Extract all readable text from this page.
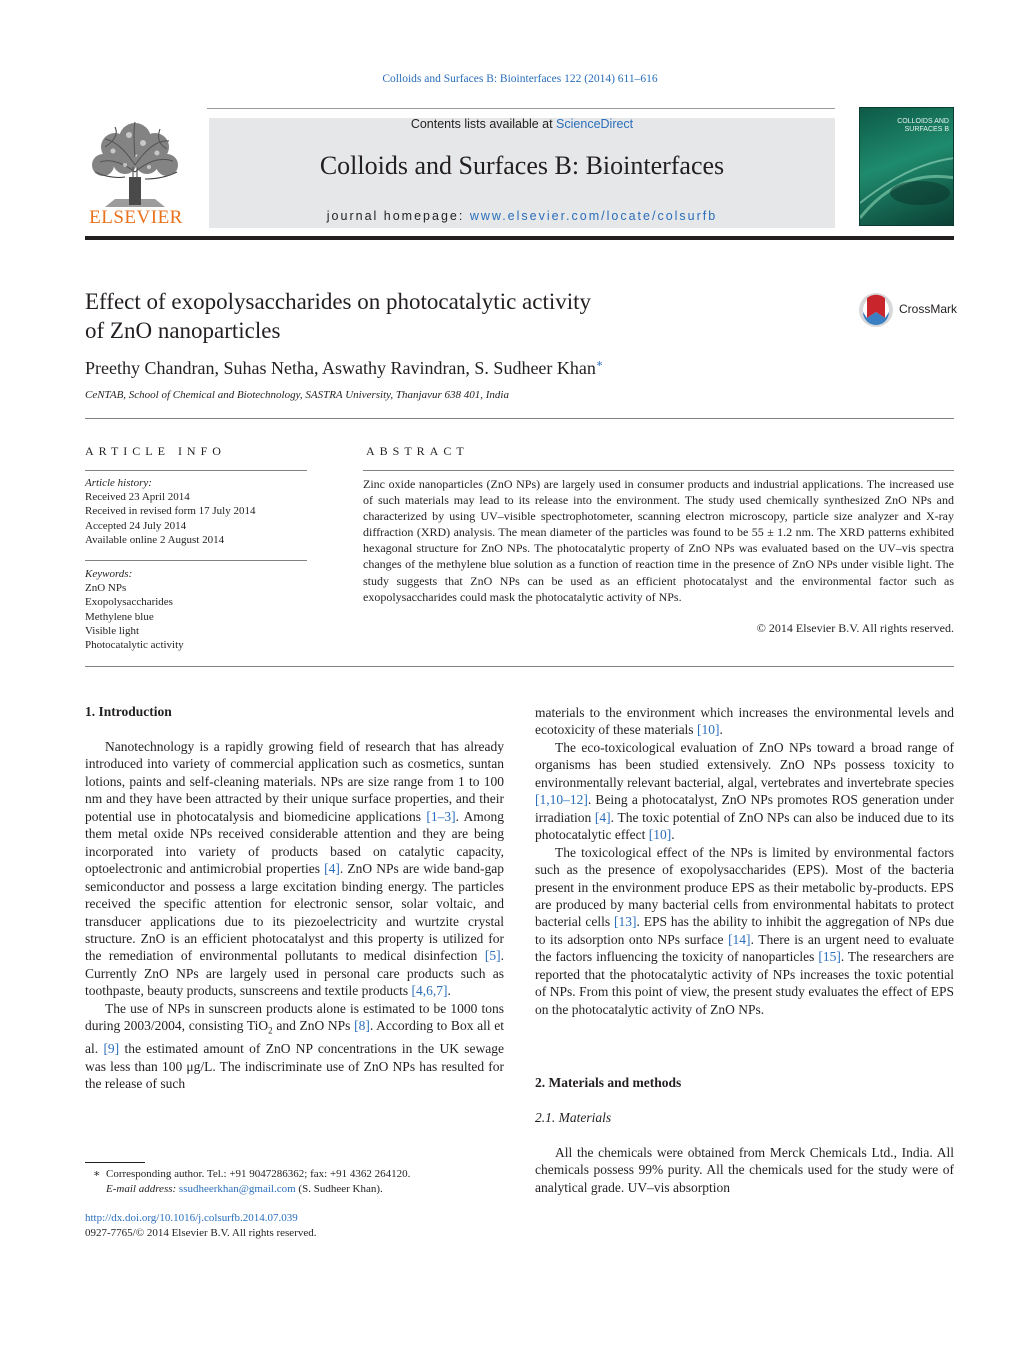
Colloids and Surfaces B: Biointerfaces 122 (2014) 611–616
ELSEVIER
Contents lists available at ScienceDirect
Colloids and Surfaces B: Biointerfaces
journal homepage: www.elsevier.com/locate/colsurfb
COLLOIDS AND SURFACES B
Effect of exopolysaccharides on photocatalytic activity
of ZnO nanoparticles
CrossMark
Preethy Chandran, Suhas Netha, Aswathy Ravindran, S. Sudheer Khan∗
CeNTAB, School of Chemical and Biotechnology, SASTRA University, Thanjavur 638 401, India
ARTICLE INFO
Article history:
Received 23 April 2014
Received in revised form 17 July 2014
Accepted 24 July 2014
Available online 2 August 2014
Keywords:
ZnO NPs
Exopolysaccharides
Methylene blue
Visible light
Photocatalytic activity
ABSTRACT
Zinc oxide nanoparticles (ZnO NPs) are largely used in consumer products and industrial applications. The increased use of such materials may lead to its release into the environment. The study used chemically synthesized ZnO NPs and characterized by using UV–visible spectrophotometer, scanning electron microscopy, particle size analyzer and X-ray diffraction (XRD) analysis. The mean diameter of the particles was found to be 55 ± 1.2 nm. The XRD patterns exhibited hexagonal structure for ZnO NPs. The photocatalytic property of ZnO NPs was evaluated based on the UV–vis spectra changes of the methylene blue solution as a function of reaction time in the presence of ZnO NPs under visible light. The study suggests that ZnO NPs can be used as an efficient photocatalyst and the environmental factor such as exopolysaccharides could mask the photocatalytic activity of NPs.
© 2014 Elsevier B.V. All rights reserved.
1. Introduction

Nanotechnology is a rapidly growing field of research that has already introduced into variety of commercial application such as cosmetics, suntan lotions, paints and self-cleaning materials. NPs are size range from 1 to 100 nm and they have been attracted by their unique surface properties, and their potential use in photocatalysis and biomedicine applications [1–3]. Among them metal oxide NPs received considerable attention and they are being incorporated into variety of products based on catalytic capacity, optoelectronic and antimicrobial properties [4]. ZnO NPs are wide band-gap semiconductor and possess a large excitation binding energy. The particles received the specific attention for electronic sensor, solar voltaic, and transducer applications due to its piezoelectricity and wurtzite crystal structure. ZnO is an efficient photocatalyst and this property is utilized for the remediation of environmental pollutants to medical disinfection [5]. Currently ZnO NPs are largely used in personal care products such as toothpaste, beauty products, sunscreens and textile products [4,6,7].

The use of NPs in sunscreen products alone is estimated to be 1000 tons during 2003/2004, consisting TiO$_2$ and ZnO NPs [8]. According to Box all et al. [9] the estimated amount of ZnO NP concentrations in the UK sewage was less than 100 μg/L. The indiscriminate use of ZnO NPs has resulted for the release of such

materials to the environment which increases the environmental levels and ecotoxicity of these materials [10].

The eco-toxicological evaluation of ZnO NPs toward a broad range of organisms has been studied extensively. ZnO NPs possess toxicity to environmentally relevant bacterial, algal, vertebrates and invertebrate species [1,10–12]. Being a photocatalyst, ZnO NPs promotes ROS generation under irradiation [4]. The toxic potential of ZnO NPs can also be induced due to its photocatalytic effect [10].

The toxicological effect of the NPs is limited by environmental factors such as the presence of exopolysaccharides (EPS). Most of the bacteria present in the environment produce EPS as their metabolic by-products. EPS are produced by many bacterial cells from environmental habitats to protect bacterial cells [13]. EPS has the ability to inhibit the aggregation of NPs due to its adsorption onto NPs surface [14]. There is an urgent need to evaluate the factors influencing the toxicity of nanoparticles [15]. The researchers are reported that the photocatalytic activity of NPs increases the toxic potential of NPs. From this point of view, the present study evaluates the effect of EPS on the photocatalytic activity of ZnO NPs.

2. Materials and methods
2.1. Materials

All the chemicals were obtained from Merck Chemicals Ltd., India. All chemicals possess 99% purity. All the chemicals used for the study were of analytical grade. UV–vis absorption

∗ Corresponding author. Tel.: +91 9047286362; fax: +91 4362 264120.
E-mail address: ssudheerkhan@gmail.com (S. Sudheer Khan).
http://dx.doi.org/10.1016/j.colsurfb.2014.07.039
0927-7765/© 2014 Elsevier B.V. All rights reserved.
